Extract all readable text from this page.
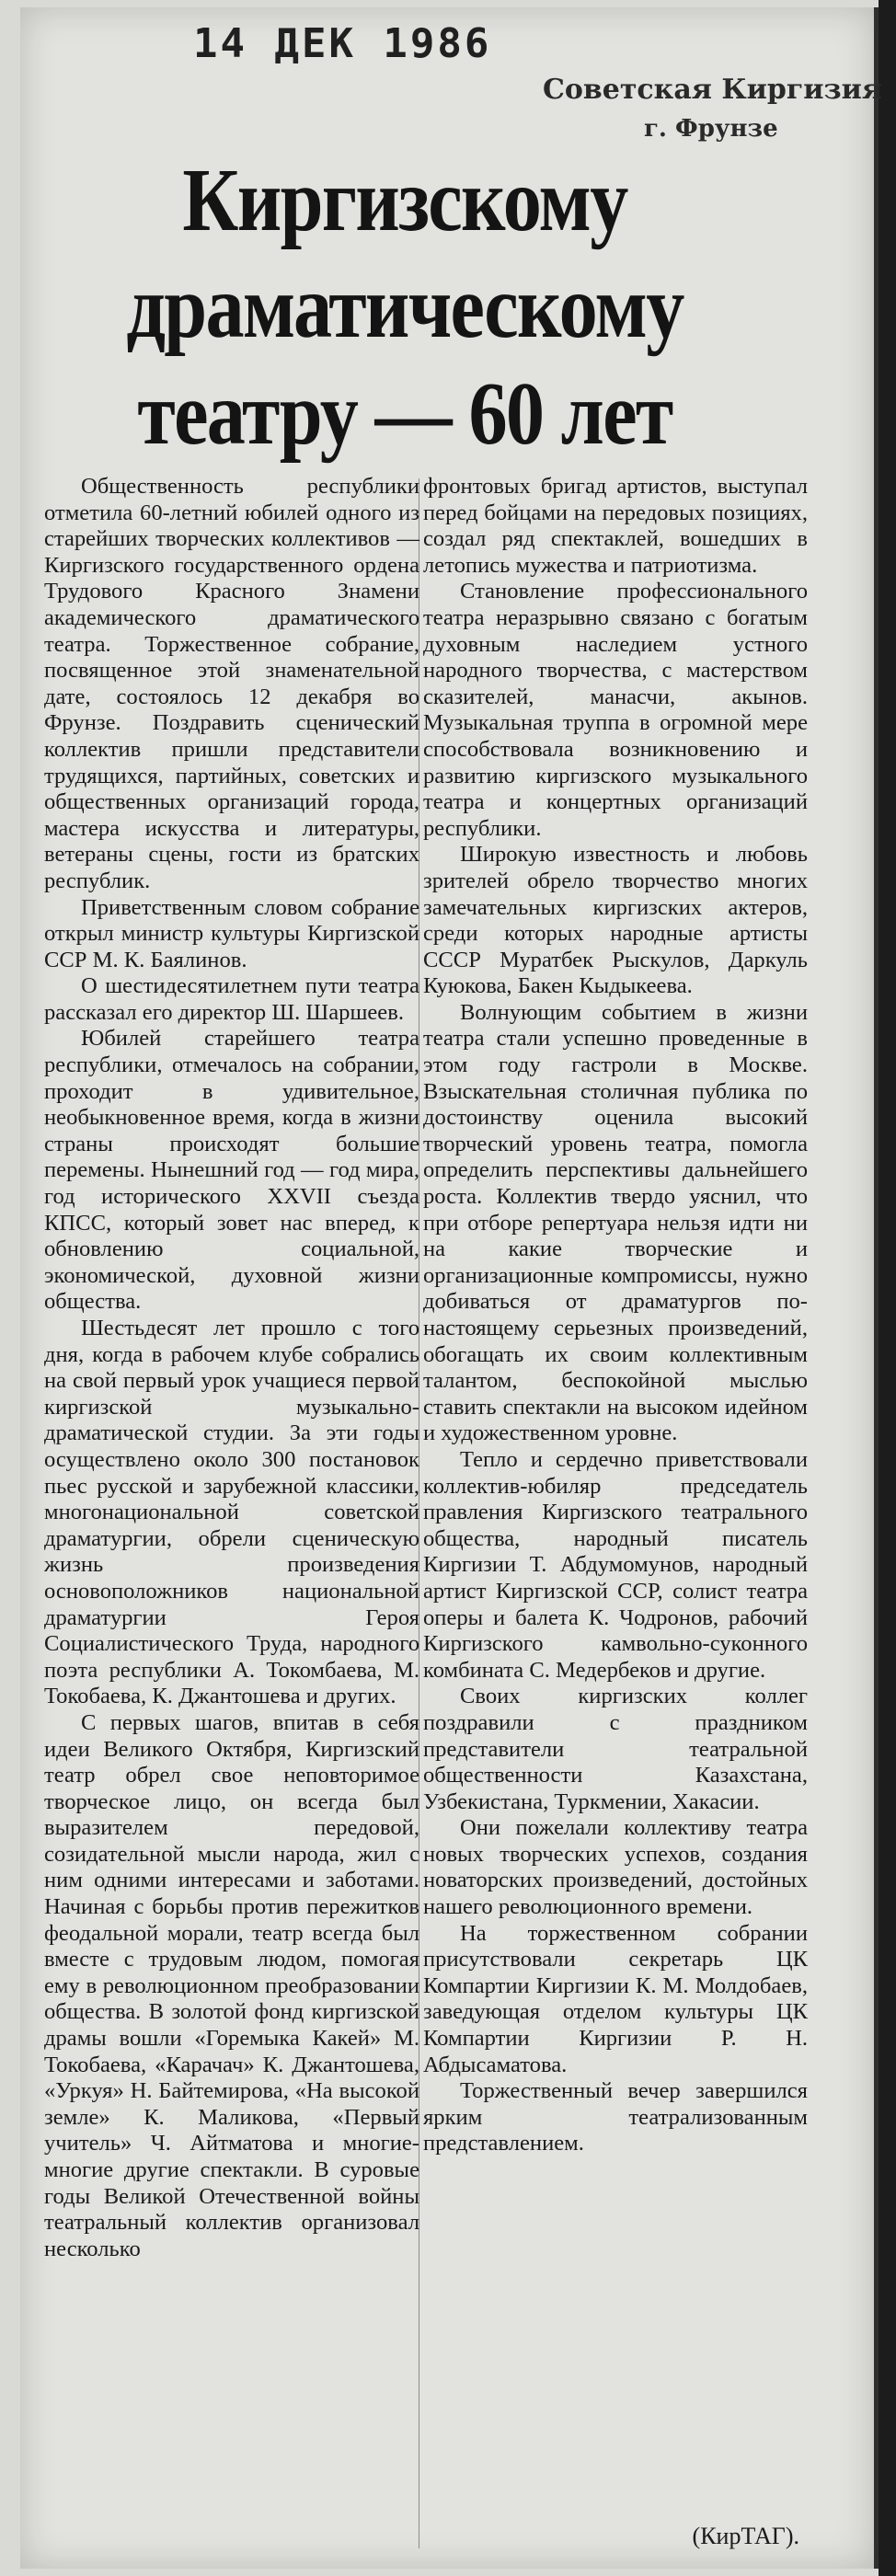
14 ДЕК 1986
Советская Киргизия
г. Фрунзе
Киргизскому
драматическому
театру — 60 лет

Общественность республики отметила 60-летний юбилей одного из старейших творческих коллективов — Киргизского государственного ордена Трудового Красного Знамени академического драматического театра. Торжественное собрание, посвященное этой знаменательной дате, состоялось 12 декабря во Фрунзе. Поздравить сценический коллектив пришли представители трудящихся, партийных, советских и общественных организаций города, мастера искусства и литературы, ветераны сцены, гости из братских республик.

Приветственным словом собрание открыл министр культуры Киргизской ССР М. К. Баялинов.

О шестидесятилетнем пути театра рассказал его директор Ш. Шаршеев.

Юбилей старейшего театра республики, отмечалось на собрании, проходит в удивительное, необыкновенное время, когда в жизни страны происходят большие перемены. Нынешний год — год мира, год исторического XXVII съезда КПСС, который зовет нас вперед, к обновлению социальной, экономической, духовной жизни общества.

Шестьдесят лет прошло с того дня, когда в рабочем клубе собрались на свой первый урок учащиеся первой киргизской музыкально-драматической студии. За эти годы осуществлено около 300 постановок пьес русской и зарубежной классики, многонациональной советской драматургии, обрели сценическую жизнь произведения основоположников национальной драматургии Героя Социалистического Труда, народного поэта республики А. Токомбаева, М. Токобаева, К. Джантошева и других.

С первых шагов, впитав в себя идеи Великого Октября, Киргизский театр обрел свое неповторимое творческое лицо, он всегда был выразителем передовой, созидательной мысли народа, жил с ним одними интересами и заботами. Начиная с борьбы против пережитков феодальной морали, театр всегда был вместе с трудовым людом, помогая ему в революционном преобразовании общества. В золотой фонд киргизской драмы вошли «Горемыка Какей» М. Токобаева, «Карачач» К. Джантошева, «Уркуя» Н. Байтемирова, «На высокой земле» К. Маликова, «Первый учитель» Ч. Айтматова и многие-многие другие спектакли. В суровые годы Великой Отечественной войны театральный коллектив организовал несколько

фронтовых бригад артистов, выступал перед бойцами на передовых позициях, создал ряд спектаклей, вошедших в летопись мужества и патриотизма.

Становление профессионального театра неразрывно связано с богатым духовным наследием устного народного творчества, с мастерством сказителей, манасчи, акынов. Музыкальная труппа в огромной мере способствовала возникновению и развитию киргизского музыкального театра и концертных организаций республики.

Широкую известность и любовь зрителей обрело творчество многих замечательных киргизских актеров, среди которых народные артисты СССР Муратбек Рыскулов, Даркуль Куюкова, Бакен Кыдыкеева.

Волнующим событием в жизни театра стали успешно проведенные в этом году гастроли в Москве. Взыскательная столичная публика по достоинству оценила высокий творческий уровень театра, помогла определить перспективы дальнейшего роста. Коллектив твердо уяснил, что при отборе репертуара нельзя идти ни на какие творческие и организационные компромиссы, нужно добиваться от драматургов по-настоящему серьезных произведений, обогащать их своим коллективным талантом, беспокойной мыслью ставить спектакли на высоком идейном и художественном уровне.

Тепло и сердечно приветствовали коллектив-юбиляр председатель правления Киргизского театрального общества, народный писатель Киргизии Т. Абдумомунов, народный артист Киргизской ССР, солист театра оперы и балета К. Чодронов, рабочий Киргизского камвольно-суконного комбината С. Медербеков и другие.

Своих киргизских коллег поздравили с праздником представители театральной общественности Казахстана, Узбекистана, Туркмении, Хакасии.

Они пожелали коллективу театра новых творческих успехов, создания новаторских произведений, достойных нашего революционного времени.

На торжественном собрании присутствовали секретарь ЦК Компартии Киргизии К. М. Молдобаев, заведующая отделом культуры ЦК Компартии Киргизии Р. Н. Абдысаматова.

Торжественный вечер завершился ярким театрализованным представлением.

(КирТАГ).
